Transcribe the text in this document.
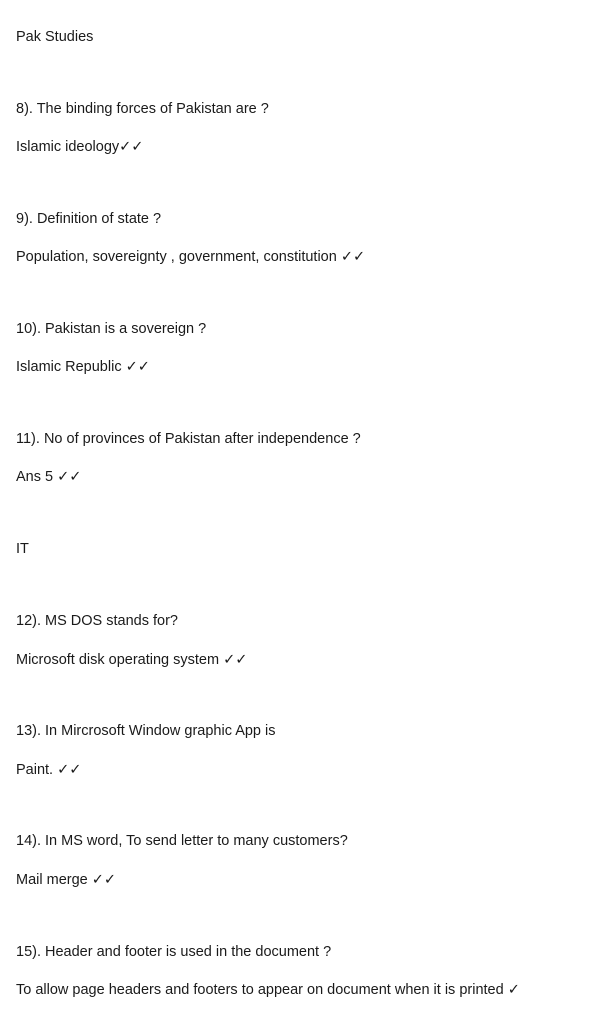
Pak Studies
8). The binding forces of Pakistan are ?
Islamic ideology✓✓
9). Definition of state ?
Population, sovereignty , government, constitution ✓✓
10). Pakistan is a sovereign ?
Islamic Republic ✓✓
11). No of provinces of Pakistan after independence ?
Ans 5 ✓✓
IT
12). MS DOS stands for?
Microsoft disk operating system ✓✓
13). In Mircrosoft Window graphic App is
Paint. ✓✓
14). In MS word, To send letter to many customers?
Mail merge ✓✓
15). Header and footer is used in the document ?
To allow page headers and footers to appear on document when it is printed ✓
